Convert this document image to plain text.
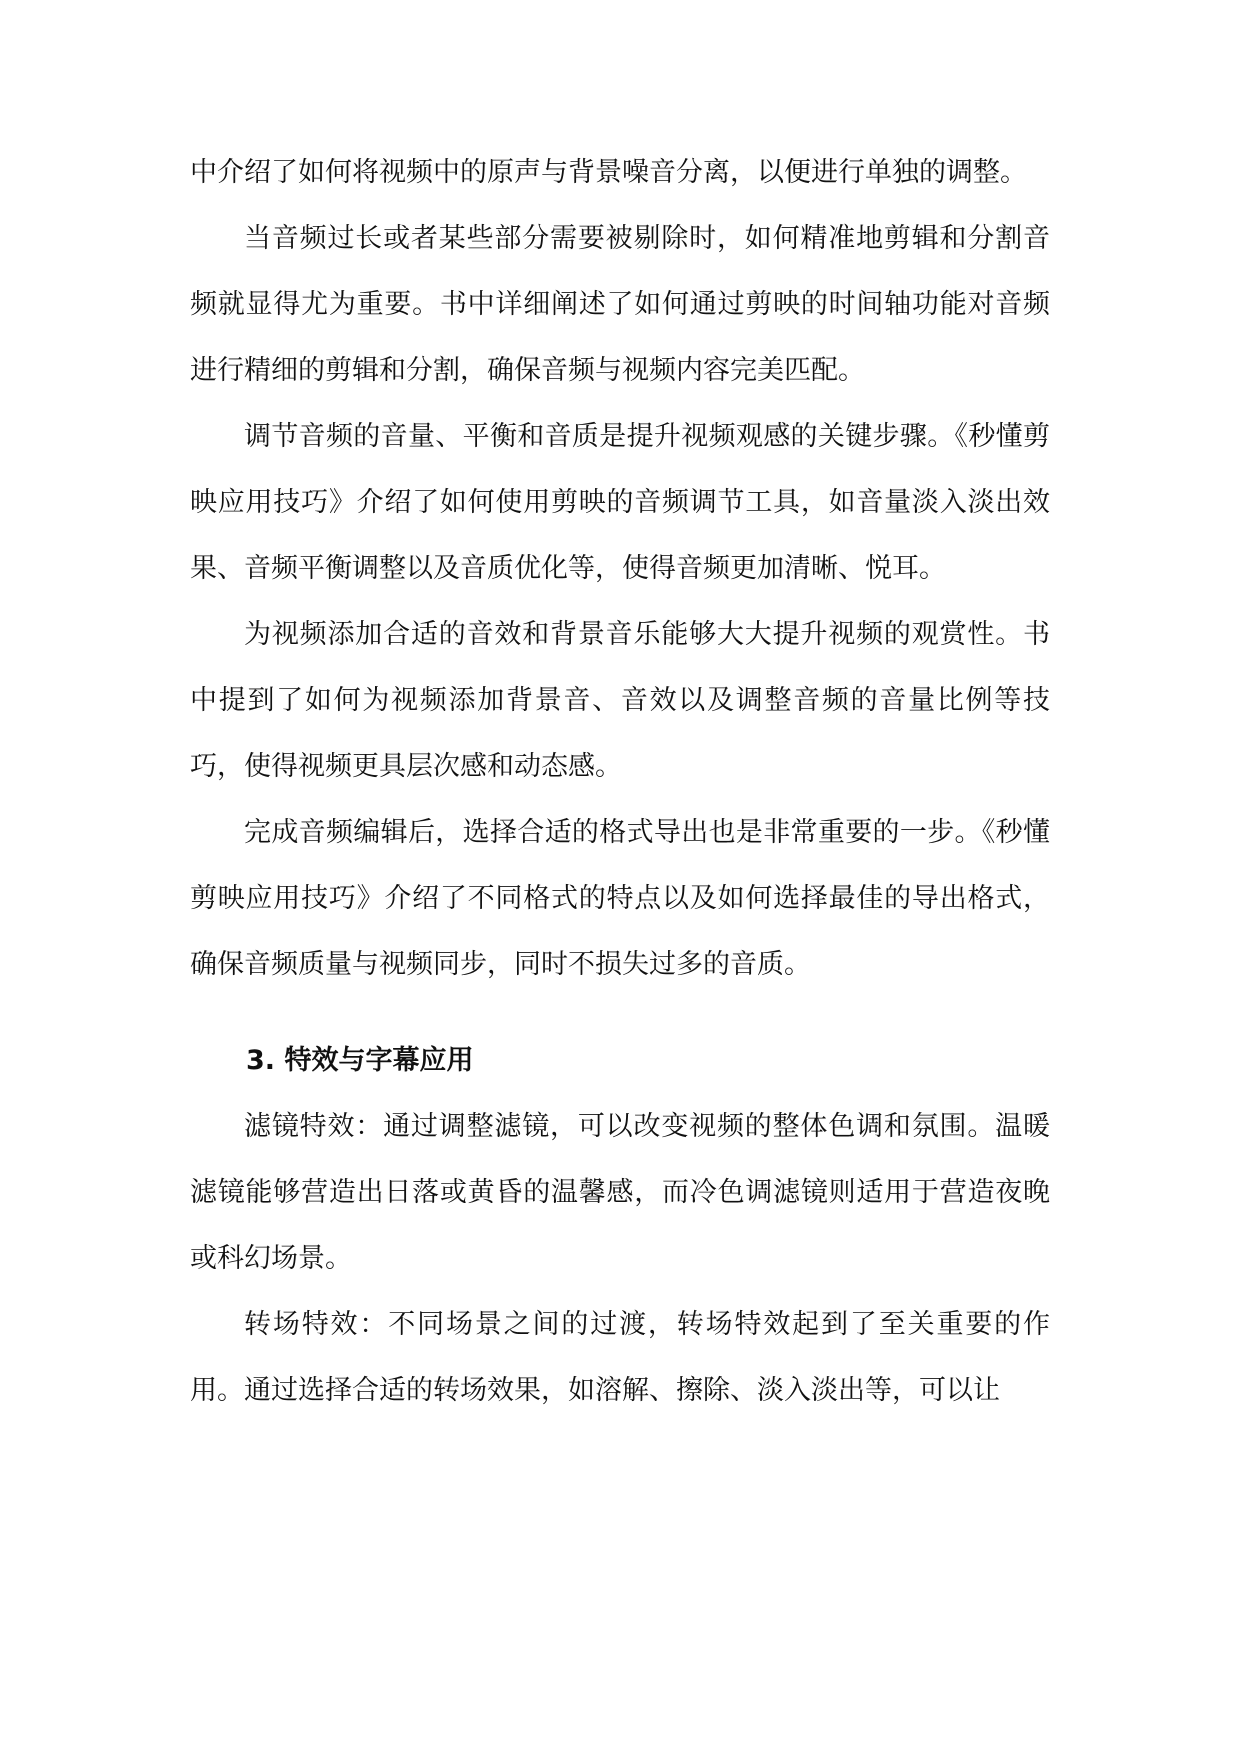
中介绍了如何将视频中的原声与背景噪音分离，以便进行单独的调整。

当音频过长或者某些部分需要被剔除时，如何精准地剪辑和分割音频就显得尤为重要。书中详细阐述了如何通过剪映的时间轴功能对音频进行精细的剪辑和分割，确保音频与视频内容完美匹配。

调节音频的音量、平衡和音质是提升视频观感的关键步骤。《秒懂剪映应用技巧》介绍了如何使用剪映的音频调节工具，如音量淡入淡出效果、音频平衡调整以及音质优化等，使得音频更加清晰、悦耳。

为视频添加合适的音效和背景音乐能够大大提升视频的观赏性。书中提到了如何为视频添加背景音、音效以及调整音频的音量比例等技巧，使得视频更具层次感和动态感。

完成音频编辑后，选择合适的格式导出也是非常重要的一步。《秒懂剪映应用技巧》介绍了不同格式的特点以及如何选择最佳的导出格式，确保音频质量与视频同步，同时不损失过多的音质。

3. 特效与字幕应用

滤镜特效：通过调整滤镜，可以改变视频的整体色调和氛围。温暖滤镜能够营造出日落或黄昏的温馨感，而冷色调滤镜则适用于营造夜晚或科幻场景。

转场特效：不同场景之间的过渡，转场特效起到了至关重要的作用。通过选择合适的转场效果，如溶解、擦除、淡入淡出等，可以让
